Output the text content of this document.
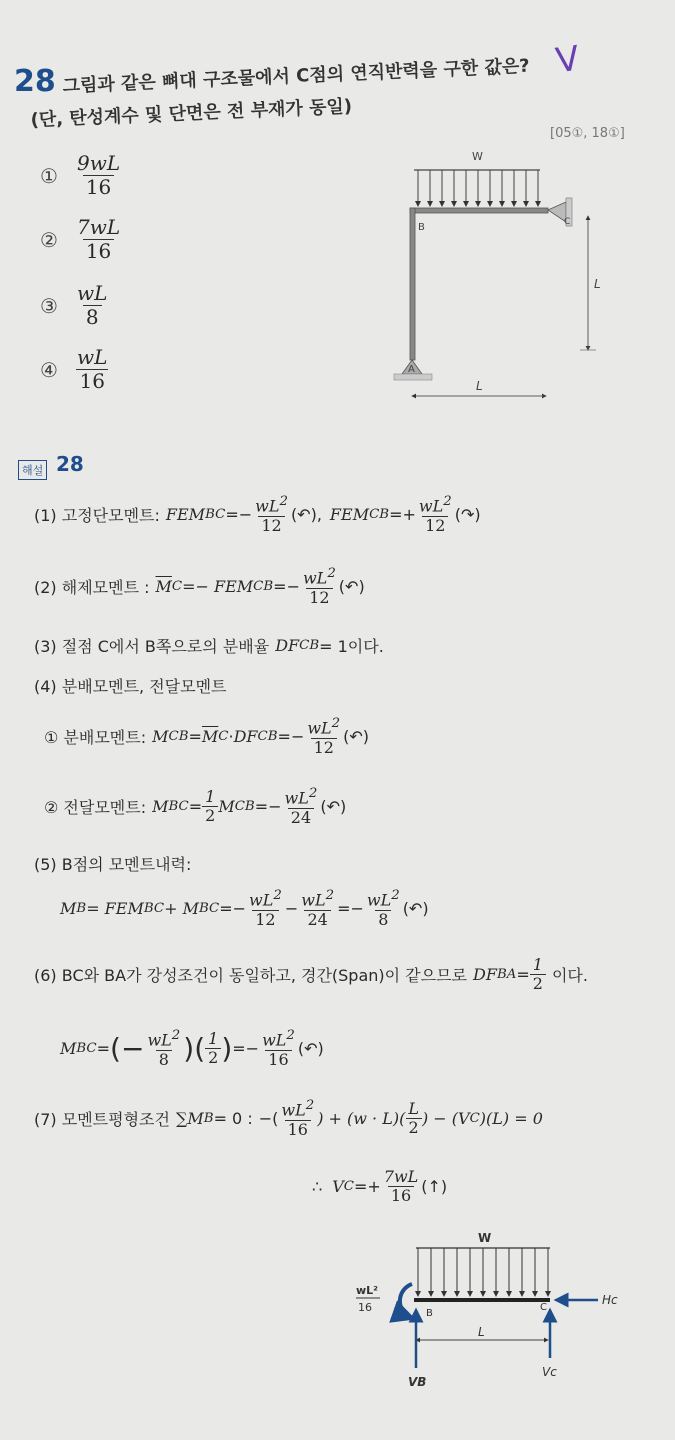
28 그림과 같은 뼈대 구조물에서 C점의 연직반력을 구한 값은?
(단, 탄성계수 및 단면은 전 부재가 동일)
V
[05①, 18①]
① $\frac{9wL}{16}$
② $\frac{7wL}{16}$
③ $\frac{wL}{8}$
④ $\frac{wL}{16}$
W
B	C
A
L
L
해설 28
(1) 고정단모멘트: FEM BC =− $\frac{wL^2}{12}$ (↶), FEM CB =+ $\frac{wL^2}{12}$ (↷)
(2) 해제모멘트 : $\overline{M}$ C =− FEM CB =− $\frac{wL^2}{12}$ (↶)
(3) 절점 C에서 B쪽으로의 분배율 DF CB = 1이다.
(4) 분배모멘트, 전달모멘트
① 분배모멘트: M CB = $\overline{M}$ C · DF CB =− $\frac{wL^2}{12}$ (↶)
② 전달모멘트: M BC = $\frac{1}{2}$ M CB =− $\frac{wL^2}{24}$ (↶)
(5) B점의 모멘트내력:
M B = FEM BC + M BC =− $\frac{wL^2}{12} - \frac{wL^2}{24} =- \frac{wL^2}{8}$ (↶)
(6) BC와 BA가 강성조건이 동일하고, 경간(Span)이 같으므로 DF BA = $\frac{1}{2}$ 이다.
M BC = (− $\frac{wL^2}{8}$ ) ( $\frac{1}{2}$ ) =− $\frac{wL^2}{16}$ (↶)
(7) 모멘트평형조건 ∑M B = 0 : −( $\frac{wL^2}{16}$ ) + $(w \cdot L)( \frac{L}{2}$ ) − (V C )(L) = 0
∴ V $C =+ \frac{7wL}{16}$ (↑)
W
wL²
16	B
C
Hc
L
VB
Vc
